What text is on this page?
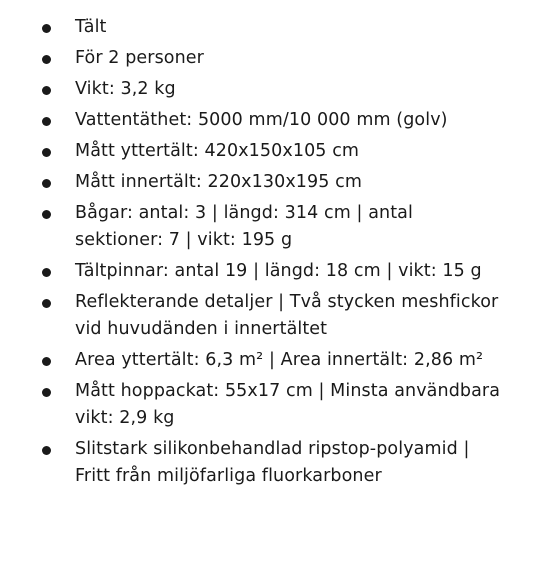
Tält
För 2 personer
Vikt: 3,2 kg
Vattentäthet: 5000 mm/10 000 mm (golv)
Mått yttertält: 420x150x105 cm
Mått innertält: 220x130x195 cm
Bågar: antal: 3 | längd: 314 cm | antal sektioner: 7 | vikt: 195 g
Tältpinnar: antal 19 | längd: 18 cm | vikt: 15 g
Reflekterande detaljer | Två stycken meshfickor vid huvudänden i innertältet
Area yttertält: 6,3 m² | Area innertält: 2,86 m²
Mått hoppackat: 55x17 cm | Minsta användbara vikt: 2,9 kg
Slitstark silikonbehandlad ripstop-polyamid | Fritt från miljöfarliga fluorkarboner
